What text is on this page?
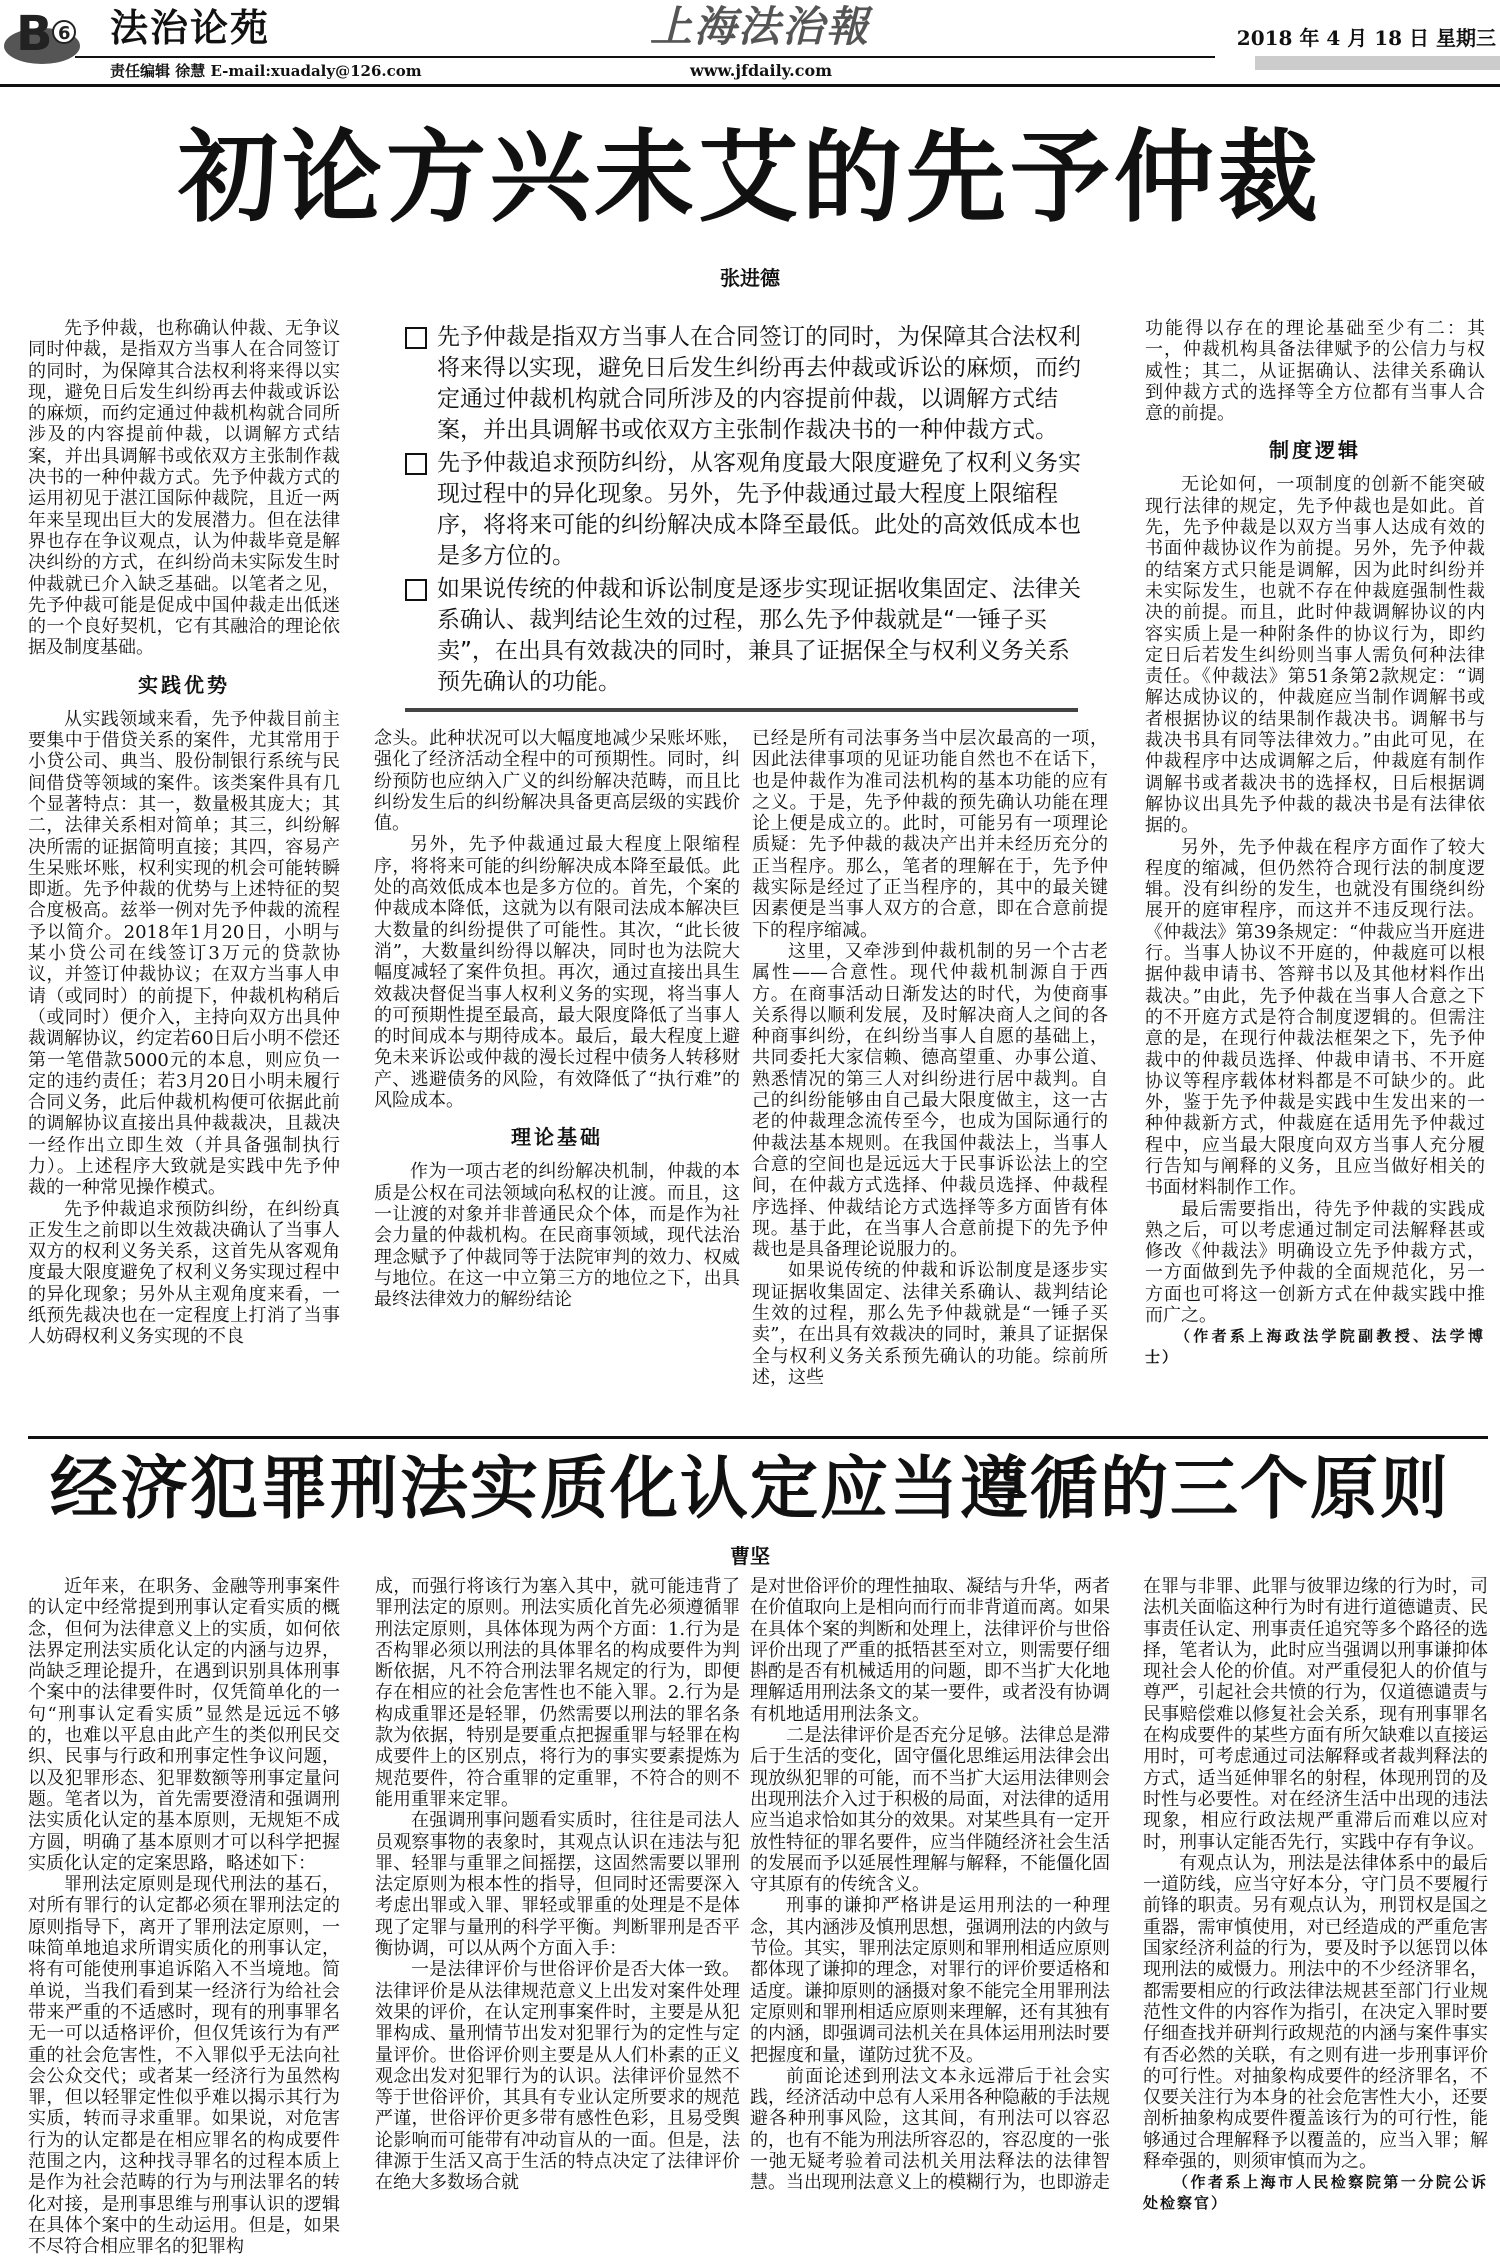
B 6 法治论苑	上海法治報	2018 年 4 月 18 日 星期三
责任编辑 徐慧 E-mail:xuadaly@126.com	www.jfdaily.com
初论方兴未艾的先予仲裁
张进德
先予仲裁是指双方当事人在合同签订的同时，为保障其合法权利将来得以实现，避免日后发生纠纷再去仲裁或诉讼的麻烦，而约定通过仲裁机构就合同所涉及的内容提前仲裁，以调解方式结案，并出具调解书或依双方主张制作裁决书的一种仲裁方式。
先予仲裁追求预防纠纷，从客观角度最大限度避免了权利义务实现过程中的异化现象。另外，先予仲裁通过最大程度上限缩程序，将将来可能的纠纷解决成本降至最低。此处的高效低成本也是多方位的。
如果说传统的仲裁和诉讼制度是逐步实现证据收集固定、法律关系确认、裁判结论生效的过程，那么先予仲裁就是“一锤子买卖”，在出具有效裁决的同时，兼具了证据保全与权利义务关系预先确认的功能。

先予仲裁，也称确认仲裁、无争议同时仲裁，是指双方当事人在合同签订的同时，为保障其合法权利将来得以实现，避免日后发生纠纷再去仲裁或诉讼的麻烦，而约定通过仲裁机构就合同所涉及的内容提前仲裁，以调解方式结案，并出具调解书或依双方主张制作裁决书的一种仲裁方式。先予仲裁方式的运用初见于湛江国际仲裁院，且近一两年来呈现出巨大的发展潜力。但在法律界也存在争议观点，认为仲裁毕竟是解决纠纷的方式，在纠纷尚未实际发生时仲裁就已介入缺乏基础。以笔者之见，先予仲裁可能是促成中国仲裁走出低迷的一个良好契机，它有其融洽的理论依据及制度基础。

实践优势

从实践领域来看，先予仲裁目前主要集中于借贷关系的案件，尤其常用于小贷公司、典当、股份制银行系统与民间借贷等领域的案件。该类案件具有几个显著特点：其一，数量极其庞大；其二，法律关系相对简单；其三，纠纷解决所需的证据简明直接；其四，容易产生呆账坏账，权利实现的机会可能转瞬即逝。先予仲裁的优势与上述特征的契合度极高。兹举一例对先予仲裁的流程予以简介。2018年1月20日，小明与某小贷公司在线签订3万元的贷款协议，并签订仲裁协议；在双方当事人申请（或同时）的前提下，仲裁机构稍后（或同时）便介入，主持向双方出具仲裁调解协议，约定若60日后小明不偿还第一笔借款5000元的本息，则应负一定的违约责任；若3月20日小明未履行合同义务，此后仲裁机构便可依据此前的调解协议直接出具仲裁裁决，且裁决一经作出立即生效（并具备强制执行力）。上述程序大致就是实践中先予仲裁的一种常见操作模式。

先予仲裁追求预防纠纷，在纠纷真正发生之前即以生效裁决确认了当事人双方的权利义务关系，这首先从客观角度最大限度避免了权利义务实现过程中的异化现象；另外从主观角度来看，一纸预先裁决也在一定程度上打消了当事人妨碍权利义务实现的不良

念头。此种状况可以大幅度地减少呆账坏账，强化了经济活动全程中的可预期性。同时，纠纷预防也应纳入广义的纠纷解决范畴，而且比纠纷发生后的纠纷解决具备更高层级的实践价值。

另外，先予仲裁通过最大程度上限缩程序，将将来可能的纠纷解决成本降至最低。此处的高效低成本也是多方位的。首先，个案的仲裁成本降低，这就为以有限司法成本解决巨大数量的纠纷提供了可能性。其次，“此长彼消”，大数量纠纷得以解决，同时也为法院大幅度减轻了案件负担。再次，通过直接出具生效裁决督促当事人权利义务的实现，将当事人的可预期性提至最高，最大限度降低了当事人的时间成本与期待成本。最后，最大程度上避免未来诉讼或仲裁的漫长过程中债务人转移财产、逃避债务的风险，有效降低了“执行难”的风险成本。

理论基础

作为一项古老的纠纷解决机制，仲裁的本质是公权在司法领域向私权的让渡。而且，这一让渡的对象并非普通民众个体，而是作为社会力量的仲裁机构。在民商事领域，现代法治理念赋予了仲裁同等于法院审判的效力、权威与地位。在这一中立第三方的地位之下，出具最终法律效力的解纷结论

已经是所有司法事务当中层次最高的一项，因此法律事项的见证功能自然也不在话下，也是仲裁作为准司法机构的基本功能的应有之义。于是，先予仲裁的预先确认功能在理论上便是成立的。此时，可能另有一项理论质疑：先予仲裁的裁决产出并未经历充分的正当程序。那么，笔者的理解在于，先予仲裁实际是经过了正当程序的，其中的最关键因素便是当事人双方的合意，即在合意前提下的程序缩减。

这里，又牵涉到仲裁机制的另一个古老属性——合意性。现代仲裁机制源自于西方。在商事活动日渐发达的时代，为使商事关系得以顺利发展，及时解决商人之间的各种商事纠纷，在纠纷当事人自愿的基础上，共同委托大家信赖、德高望重、办事公道、熟悉情况的第三人对纠纷进行居中裁判。自己的纠纷能够由自己最大限度做主，这一古老的仲裁理念流传至今，也成为国际通行的仲裁法基本规则。在我国仲裁法上，当事人合意的空间也是远远大于民事诉讼法上的空间，在仲裁方式选择、仲裁员选择、仲裁程序选择、仲裁结论方式选择等多方面皆有体现。基于此，在当事人合意前提下的先予仲裁也是具备理论说服力的。

如果说传统的仲裁和诉讼制度是逐步实现证据收集固定、法律关系确认、裁判结论生效的过程，那么先予仲裁就是“一锤子买卖”，在出具有效裁决的同时，兼具了证据保全与权利义务关系预先确认的功能。综前所述，这些

功能得以存在的理论基础至少有二：其一，仲裁机构具备法律赋予的公信力与权威性；其二，从证据确认、法律关系确认到仲裁方式的选择等全方位都有当事人合意的前提。

制度逻辑

无论如何，一项制度的创新不能突破现行法律的规定，先予仲裁也是如此。首先，先予仲裁是以双方当事人达成有效的书面仲裁协议作为前提。另外，先予仲裁的结案方式只能是调解，因为此时纠纷并未实际发生，也就不存在仲裁庭强制性裁决的前提。而且，此时仲裁调解协议的内容实质上是一种附条件的协议行为，即约定日后若发生纠纷则当事人需负何种法律责任。《仲裁法》第51条第2款规定：“调解达成协议的，仲裁庭应当制作调解书或者根据协议的结果制作裁决书。调解书与裁决书具有同等法律效力。”由此可见，在仲裁程序中达成调解之后，仲裁庭有制作调解书或者裁决书的选择权，日后根据调解协议出具先予仲裁的裁决书是有法律依据的。

另外，先予仲裁在程序方面作了较大程度的缩减，但仍然符合现行法的制度逻辑。没有纠纷的发生，也就没有围绕纠纷展开的庭审程序，而这并不违反现行法。《仲裁法》第39条规定：“仲裁应当开庭进行。当事人协议不开庭的，仲裁庭可以根据仲裁申请书、答辩书以及其他材料作出裁决。”由此，先予仲裁在当事人合意之下的不开庭方式是符合制度逻辑的。但需注意的是，在现行仲裁法框架之下，先予仲裁中的仲裁员选择、仲裁申请书、不开庭协议等程序载体材料都是不可缺少的。此外，鉴于先予仲裁是实践中生发出来的一种仲裁新方式，仲裁庭在适用先予仲裁过程中，应当最大限度向双方当事人充分履行告知与阐释的义务，且应当做好相关的书面材料制作工作。

最后需要指出，待先予仲裁的实践成熟之后，可以考虑通过制定司法解释甚或修改《仲裁法》明确设立先予仲裁方式，一方面做到先予仲裁的全面规范化，另一方面也可将这一创新方式在仲裁实践中推而广之。

（作者系上海政法学院副教授、法学博士）

经济犯罪刑法实质化认定应当遵循的三个原则
曹坚

近年来，在职务、金融等刑事案件的认定中经常提到刑事认定看实质的概念，但何为法律意义上的实质，如何依法界定刑法实质化认定的内涵与边界，尚缺乏理论提升，在遇到识别具体刑事个案中的法律要件时，仅凭简单化的一句“刑事认定看实质”显然是远远不够的，也难以平息由此产生的类似刑民交织、民事与行政和刑事定性争议问题，以及犯罪形态、犯罪数额等刑事定量问题。笔者以为，首先需要澄清和强调刑法实质化认定的基本原则，无规矩不成方圆，明确了基本原则才可以科学把握实质化认定的定案思路，略述如下：

罪刑法定原则是现代刑法的基石，对所有罪行的认定都必须在罪刑法定的原则指导下，离开了罪刑法定原则，一味简单地追求所谓实质化的刑事认定，将有可能使刑事追诉陷入不当境地。简单说，当我们看到某一经济行为给社会带来严重的不适感时，现有的刑事罪名无一可以适格评价，但仅凭该行为有严重的社会危害性，不入罪似乎无法向社会公众交代；或者某一经济行为虽然构罪，但以轻罪定性似乎难以揭示其行为实质，转而寻求重罪。如果说，对危害行为的认定都是在相应罪名的构成要件范围之内，这种找寻罪名的过程本质上是作为社会范畴的行为与刑法罪名的转化对接，是刑事思维与刑事认识的逻辑在具体个案中的生动运用。但是，如果不尽符合相应罪名的犯罪构

成，而强行将该行为塞入其中，就可能违背了罪刑法定的原则。刑法实质化首先必须遵循罪刑法定原则，具体体现为两个方面：1.行为是否构罪必须以刑法的具体罪名的构成要件为判断依据，凡不符合刑法罪名规定的行为，即便存在相应的社会危害性也不能入罪。2.行为是构成重罪还是轻罪，仍然需要以刑法的罪名条款为依据，特别是要重点把握重罪与轻罪在构成要件上的区别点，将行为的事实要素提炼为规范要件，符合重罪的定重罪，不符合的则不能用重罪来定罪。

在强调刑事问题看实质时，往往是司法人员观察事物的表象时，其观点认识在违法与犯罪、轻罪与重罪之间摇摆，这固然需要以罪刑法定原则为根本性的指导，但同时还需要深入考虑出罪或入罪、罪轻或罪重的处理是不是体现了定罪与量刑的科学平衡。判断罪刑是否平衡协调，可以从两个方面入手：

一是法律评价与世俗评价是否大体一致。法律评价是从法律规范意义上出发对案件处理效果的评价，在认定刑事案件时，主要是从犯罪构成、量刑情节出发对犯罪行为的定性与定量评价。世俗评价则主要是从人们朴素的正义观念出发对犯罪行为的认识。法律评价显然不等于世俗评价，其具有专业认定所要求的规范严谨，世俗评价更多带有感性色彩，且易受舆论影响而可能带有冲动盲从的一面。但是，法律源于生活又高于生活的特点决定了法律评价在绝大多数场合就

是对世俗评价的理性抽取、凝结与升华，两者在价值取向上是相向而行而非背道而离。如果在具体个案的判断和处理上，法律评价与世俗评价出现了严重的抵牾甚至对立，则需要仔细斟酌是否有机械适用的问题，即不当扩大化地理解适用刑法条文的某一要件，或者没有协调有机地适用刑法条文。

二是法律评价是否充分足够。法律总是滞后于生活的变化，固守僵化思维运用法律会出现放纵犯罪的可能，而不当扩大运用法律则会出现刑法介入过于积极的局面，对法律的适用应当追求恰如其分的效果。对某些具有一定开放性特征的罪名要件，应当伴随经济社会生活的发展而予以延展性理解与解释，不能僵化固守其原有的传统含义。

刑事的谦抑严格讲是运用刑法的一种理念，其内涵涉及慎刑思想，强调刑法的内敛与节俭。其实，罪刑法定原则和罪刑相适应原则都体现了谦抑的理念，对罪行的评价要适格和适度。谦抑原则的涵摄对象不能完全用罪刑法定原则和罪刑相适应原则来理解，还有其独有的内涵，即强调司法机关在具体运用刑法时要把握度和量，谨防过犹不及。

前面论述到刑法文本永远滞后于社会实践，经济活动中总有人采用各种隐蔽的手法规避各种刑事风险，这其间，有刑法可以容忍的，也有不能为刑法所容忍的，容忍度的一张一弛无疑考验着司法机关用法释法的法律智慧。当出现刑法意义上的模糊行为，也即游走

在罪与非罪、此罪与彼罪边缘的行为时，司法机关面临这种行为时有进行道德谴责、民事责任认定、刑事责任追究等多个路径的选择，笔者认为，此时应当强调以刑事谦抑体现社会人伦的价值。对严重侵犯人的价值与尊严，引起社会共愤的行为，仅道德谴责与民事赔偿难以修复社会关系，现有刑事罪名在构成要件的某些方面有所欠缺难以直接运用时，可考虑通过司法解释或者裁判释法的方式，适当延伸罪名的射程，体现刑罚的及时性与必要性。对在经济生活中出现的违法现象，相应行政法规严重滞后而难以应对时，刑事认定能否先行，实践中存有争议。

有观点认为，刑法是法律体系中的最后一道防线，应当守好本分，守门员不要履行前锋的职责。另有观点认为，刑罚权是国之重器，需审慎使用，对已经造成的严重危害国家经济利益的行为，要及时予以惩罚以体现刑法的威慑力。刑法中的不少经济罪名，都需要相应的行政法律法规甚至部门行业规范性文件的内容作为指引，在决定入罪时要仔细查找并研判行政规范的内涵与案件事实有否必然的关联，有之则有进一步刑事评价的可行性。对抽象构成要件的经济罪名，不仅要关注行为本身的社会危害性大小，还要剖析抽象构成要件覆盖该行为的可行性，能够通过合理解释予以覆盖的，应当入罪；解释牵强的，则须审慎而为之。

（作者系上海市人民检察院第一分院公诉处检察官）
